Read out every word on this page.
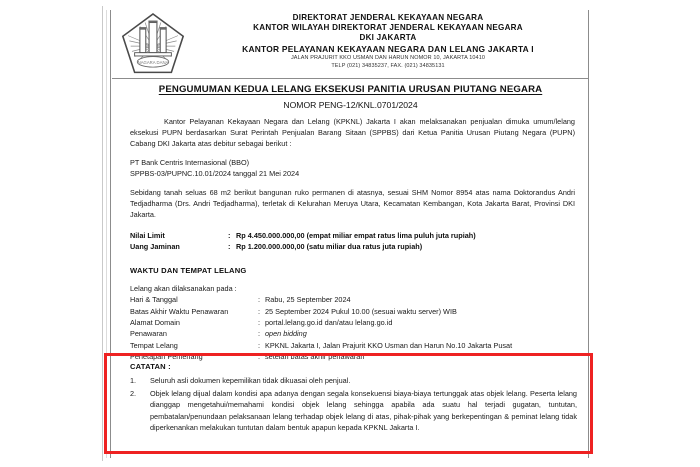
NAGARA DANA
DIREKTORAT JENDERAL KEKAYAAN NEGARA
KANTOR WILAYAH DIREKTORAT JENDERAL KEKAYAAN NEGARA
DKI JAKARTA
KANTOR PELAYANAN KEKAYAAN NEGARA DAN LELANG JAKARTA I
JALAN PRAJURIT KKO USMAN DAN HARUN NOMOR 10, JAKARTA 10410
TELP (021) 34835237, FAX. (021) 34835131
PENGUMUMAN KEDUA LELANG EKSEKUSI PANITIA URUSAN PIUTANG NEGARA
NOMOR PENG-12/KNL.0701/2024

Kantor Pelayanan Kekayaan Negara dan Lelang (KPKNL) Jakarta I akan melaksanakan penjualan dimuka umum/lelang eksekusi PUPN berdasarkan Surat Perintah Penjualan Barang Sitaan (SPPBS) dari Ketua Panitia Urusan Piutang Negara (PUPN) Cabang DKI Jakarta atas debitur sebagai berikut :

PT Bank Centris Internasional (BBO)
SPPBS-03/PUPNC.10.01/2024 tanggal 21 Mei 2024

Sebidang tanah seluas 68 m2 berikut bangunan ruko permanen di atasnya, sesuai SHM Nomor 8954 atas nama Doktorandus Andri Tedjadharma (Drs. Andri Tedjadharma), terletak di Kelurahan Meruya Utara, Kecamatan Kembangan, Kota Jakarta Barat, Provinsi DKI Jakarta.

Nilai Limit	: Rp 4.450.000.000,00 (empat miliar empat ratus lima puluh juta rupiah)
Uang Jaminan	: Rp 1.200.000.000,00 (satu miliar dua ratus juta rupiah)
WAKTU DAN TEMPAT LELANG
Lelang akan dilaksanakan pada :
Hari & Tanggal	: Rabu, 25 September 2024
Batas Akhir Waktu Penawaran	: 25 September 2024 Pukul 10.00 (sesuai waktu server) WIB
Alamat Domain	: portal.lelang.go.id dan/atau lelang.go.id
Penawaran	: open bidding
Tempat Lelang	: KPKNL Jakarta I, Jalan Prajurit KKO Usman dan Harun No.10 Jakarta Pusat
Penetapan Pemenang	: setelah batas akhir penawaran
CATATAN :
1.	Seluruh asli dokumen kepemilikan tidak dikuasai oleh penjual.
2.	Objek lelang dijual dalam kondisi apa adanya dengan segala konsekuensi biaya-biaya tertunggak atas objek lelang. Peserta lelang dianggap mengetahui/memahami kondisi objek lelang sehingga apabila ada suatu hal terjadi gugatan, tuntutan, pembatalan/penundaan pelaksanaan lelang terhadap objek lelang di atas, pihak-pihak yang berkepentingan & peminat lelang tidak diperkenankan melakukan tuntutan dalam bentuk apapun kepada KPKNL Jakarta I.
